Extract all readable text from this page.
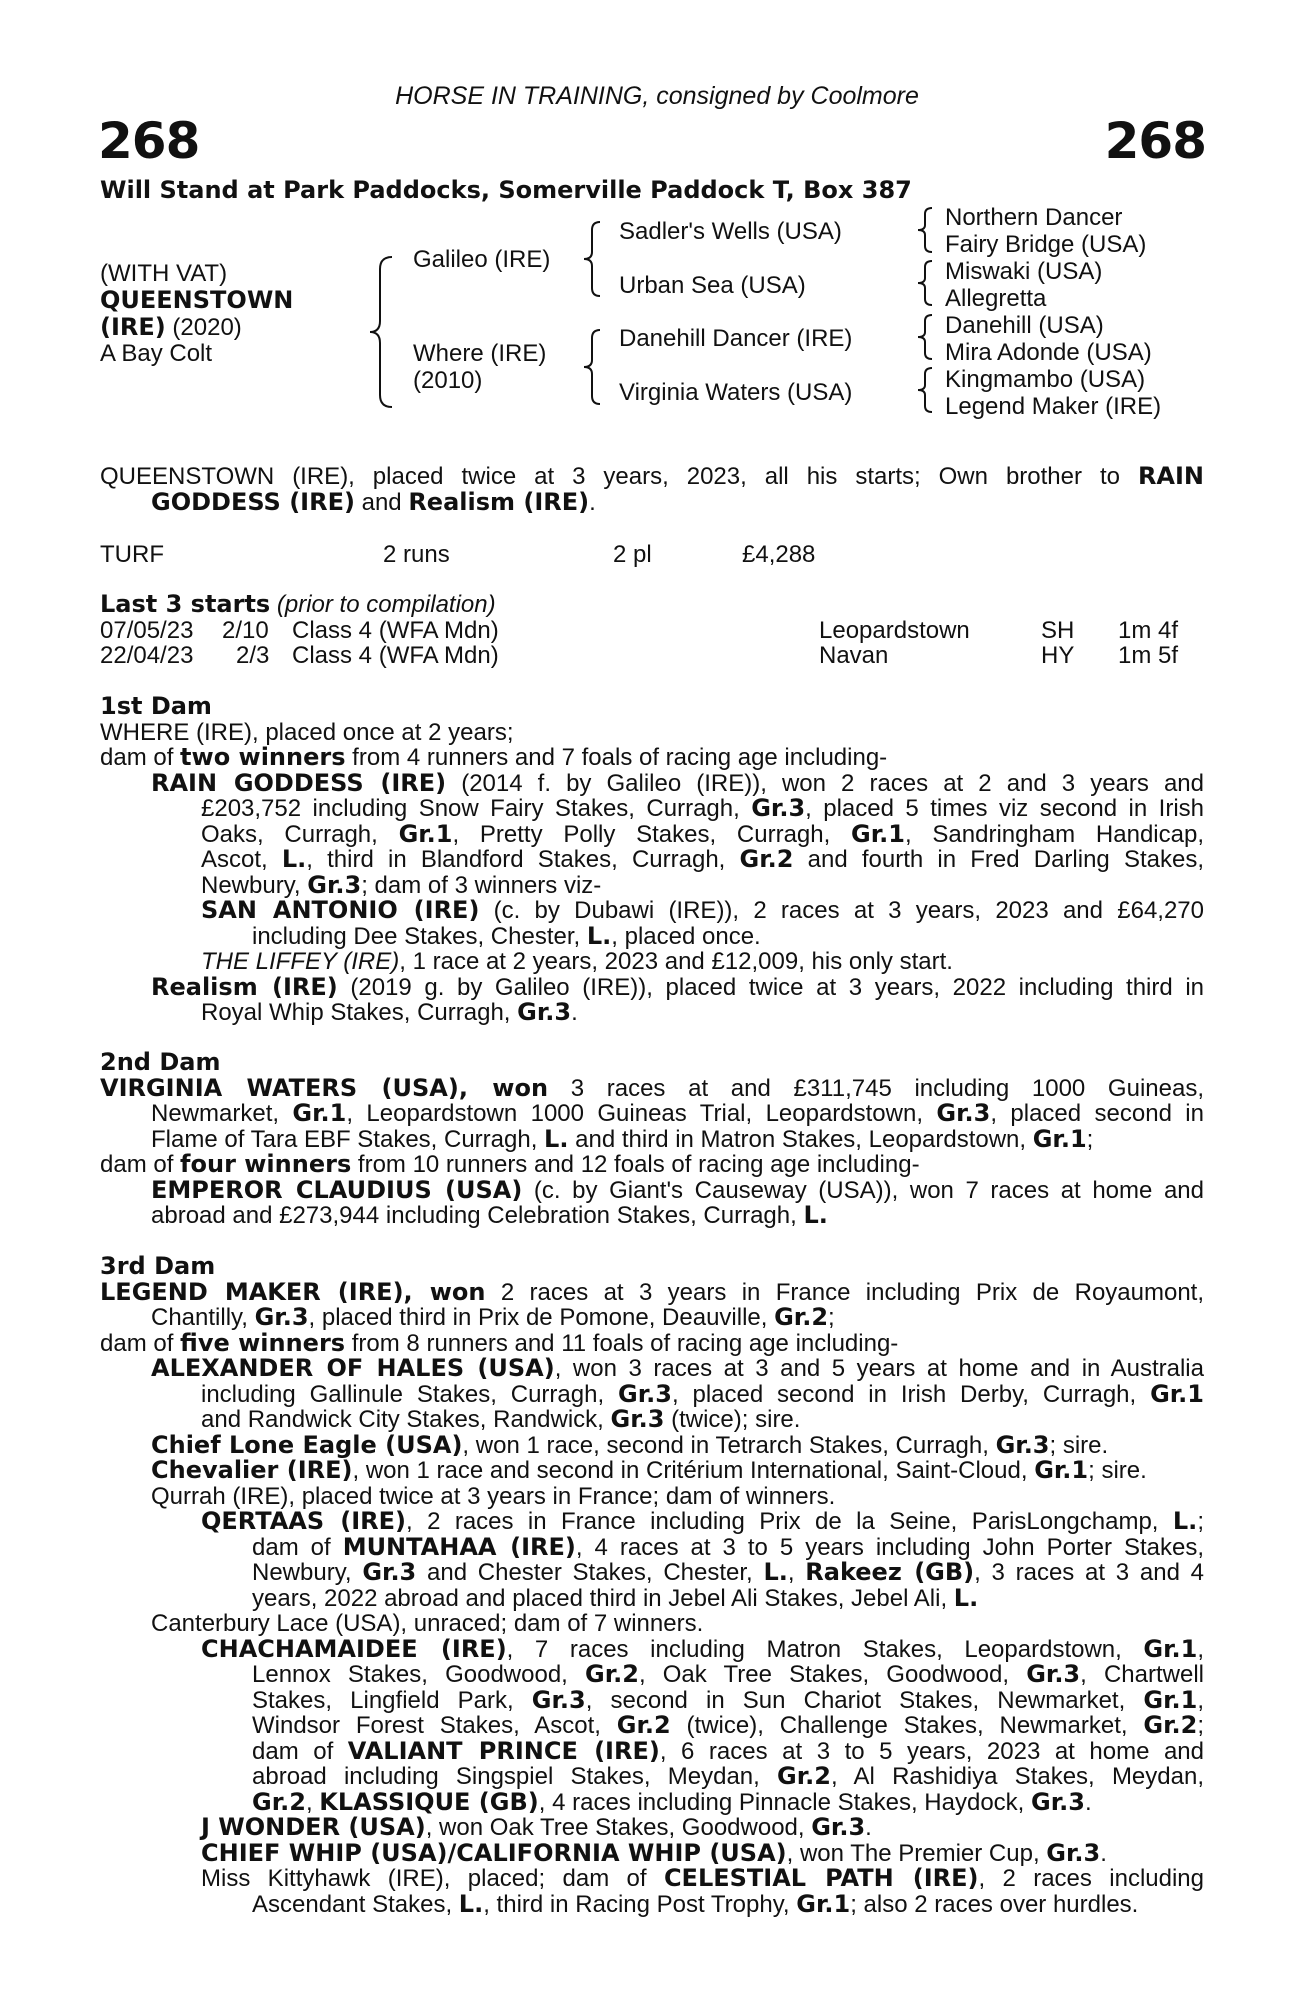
HORSE IN TRAINING, consigned by Coolmore
268	268
Will Stand at Park Paddocks, Somerville Paddock T, Box 387
(WITH VAT)
QUEENSTOWN
(IRE) (2020)
A Bay Colt
Galileo (IRE)
Where (IRE)
(2010)
Sadler's Wells (USA)
Urban Sea (USA)
Danehill Dancer (IRE)
Virginia Waters (USA)
Northern Dancer
Fairy Bridge (USA)
Miswaki (USA)
Allegretta
Danehill (USA)
Mira Adonde (USA)
Kingmambo (USA)
Legend Maker (IRE)
QUEENSTOWN (IRE), placed twice at 3 years, 2023, all his starts; Own brother to RAIN
GODDESS (IRE) and Realism (IRE).
TURF	2 runs	2 pl	£4,288
Last 3 starts (prior to compilation)
07/05/23 2/10 Class 4 (WFA Mdn)	Leopardstown	SH 1m 4f
22/04/23 2/3 Class 4 (WFA Mdn)	Navan	HY 1m 5f
1st Dam
WHERE (IRE), placed once at 2 years;
dam of two winners from 4 runners and 7 foals of racing age including-
RAIN GODDESS (IRE) (2014 f. by Galileo (IRE)), won 2 races at 2 and 3 years and
£203,752 including Snow Fairy Stakes, Curragh, Gr.3, placed 5 times viz second in Irish
Oaks, Curragh, Gr.1, Pretty Polly Stakes, Curragh, Gr.1, Sandringham Handicap,
Ascot, L., third in Blandford Stakes, Curragh, Gr.2 and fourth in Fred Darling Stakes,
Newbury, Gr.3; dam of 3 winners viz-
SAN ANTONIO (IRE) (c. by Dubawi (IRE)), 2 races at 3 years, 2023 and £64,270
including Dee Stakes, Chester, L., placed once.
THE LIFFEY (IRE), 1 race at 2 years, 2023 and £12,009, his only start.
Realism (IRE) (2019 g. by Galileo (IRE)), placed twice at 3 years, 2022 including third in
Royal Whip Stakes, Curragh, Gr.3.
2nd Dam
VIRGINIA WATERS (USA), won 3 races at and £311,745 including 1000 Guineas,
Newmarket, Gr.1, Leopardstown 1000 Guineas Trial, Leopardstown, Gr.3, placed second in
Flame of Tara EBF Stakes, Curragh, L. and third in Matron Stakes, Leopardstown, Gr.1;
dam of four winners from 10 runners and 12 foals of racing age including-
EMPEROR CLAUDIUS (USA) (c. by Giant's Causeway (USA)), won 7 races at home and
abroad and £273,944 including Celebration Stakes, Curragh, L.
3rd Dam
LEGEND MAKER (IRE), won 2 races at 3 years in France including Prix de Royaumont,
Chantilly, Gr.3, placed third in Prix de Pomone, Deauville, Gr.2;
dam of five winners from 8 runners and 11 foals of racing age including-
ALEXANDER OF HALES (USA), won 3 races at 3 and 5 years at home and in Australia
including Gallinule Stakes, Curragh, Gr.3, placed second in Irish Derby, Curragh, Gr.1
and Randwick City Stakes, Randwick, Gr.3 (twice); sire.
Chief Lone Eagle (USA), won 1 race, second in Tetrarch Stakes, Curragh, Gr.3; sire.
Chevalier (IRE), won 1 race and second in Critérium International, Saint-Cloud, Gr.1; sire.
Qurrah (IRE), placed twice at 3 years in France; dam of winners.
QERTAAS (IRE), 2 races in France including Prix de la Seine, ParisLongchamp, L.;
dam of MUNTAHAA (IRE), 4 races at 3 to 5 years including John Porter Stakes,
Newbury, Gr.3 and Chester Stakes, Chester, L., Rakeez (GB), 3 races at 3 and 4
years, 2022 abroad and placed third in Jebel Ali Stakes, Jebel Ali, L.
Canterbury Lace (USA), unraced; dam of 7 winners.
CHACHAMAIDEE (IRE), 7 races including Matron Stakes, Leopardstown, Gr.1,
Lennox Stakes, Goodwood, Gr.2, Oak Tree Stakes, Goodwood, Gr.3, Chartwell
Stakes, Lingfield Park, Gr.3, second in Sun Chariot Stakes, Newmarket, Gr.1,
Windsor Forest Stakes, Ascot, Gr.2 (twice), Challenge Stakes, Newmarket, Gr.2;
dam of VALIANT PRINCE (IRE), 6 races at 3 to 5 years, 2023 at home and
abroad including Singspiel Stakes, Meydan, Gr.2, Al Rashidiya Stakes, Meydan,
Gr.2, KLASSIQUE (GB), 4 races including Pinnacle Stakes, Haydock, Gr.3.
J WONDER (USA), won Oak Tree Stakes, Goodwood, Gr.3.
CHIEF WHIP (USA)/CALIFORNIA WHIP (USA), won The Premier Cup, Gr.3.
Miss Kittyhawk (IRE), placed; dam of CELESTIAL PATH (IRE), 2 races including
Ascendant Stakes, L., third in Racing Post Trophy, Gr.1; also 2 races over hurdles.
